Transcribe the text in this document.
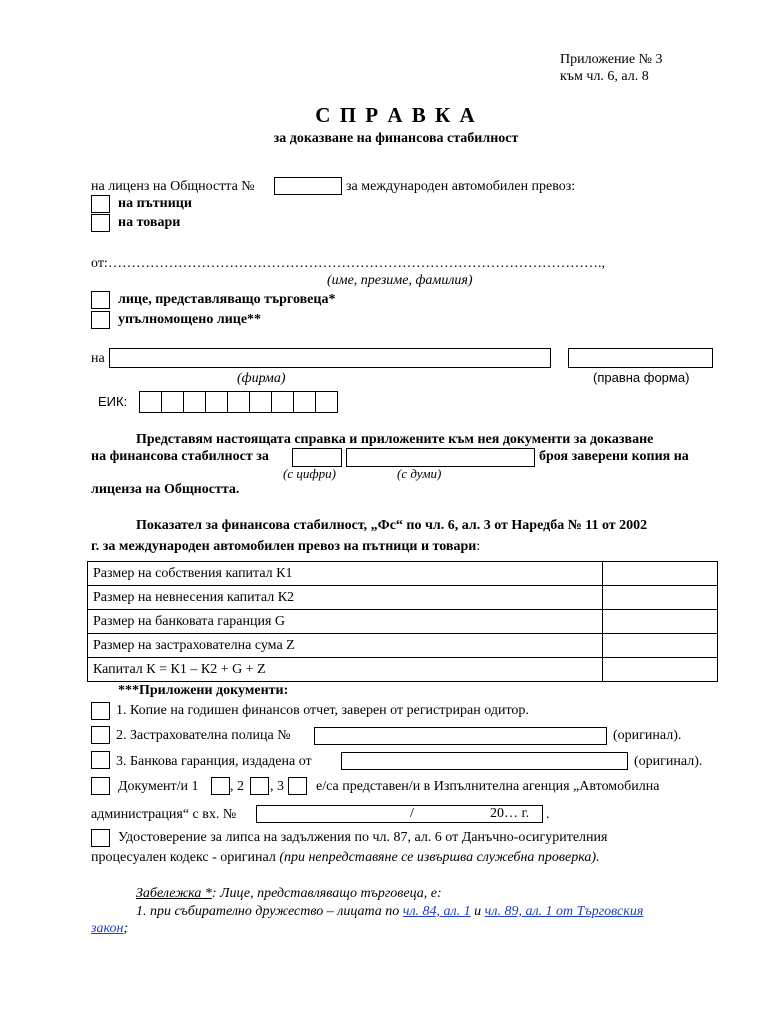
Приложение № 3
към чл. 6, ал. 8
С П Р А В К А
за доказване на финансова стабилност
на лиценз на Общността №	за международен автомобилен превоз:
на пътници
на товари
от: …………………………………………………………………………………………….,
(име, презиме, фамилия)
лице, представляващо търговеца*
упълномощено лице**
на
(фирма)	(правна форма)
ЕИК:
Представям настоящата справка и приложените към нея документи за доказване
на финансова стабилност за	броя заверени копия на
(с цифри)	(с думи)
лиценза на Общността.
Показател за финансова стабилност, „Фс“ по чл. 6, ал. 3 от Наредба № 11 от 2002
г. за международен автомобилен превоз на пътници и товари:
Размер на собствения капитал К1	
Размер на невнесения капитал К2	
Размер на банковата гаранция G	
Размер на застрахователна сума Z	
Капитал К = К1 – К2 + G + Z	
***Приложени документи:
1. Копие на годишен финансов отчет, заверен от регистриран одитор.
2. Застрахователна полица №	(оригинал).
3. Банкова гаранция, издадена от	(оригинал).
Документ/и 1 , 2 , 3 е/са представен/и в Изпълнителна агенция „Автомобилна
администрация“ с вх. №	/	20… г. .
Удостоверение за липса на задължения по чл. 87, ал. 6 от Данъчно-осигурителния
процесуален кодекс - оригинал (при непредставяне се извършва служебна проверка).
Забележка *: Лице, представляващо търговеца, е:
1. при събирателно дружество – лицата по чл. 84, ал. 1 и чл. 89, ал. 1 от Търговския
закон;
